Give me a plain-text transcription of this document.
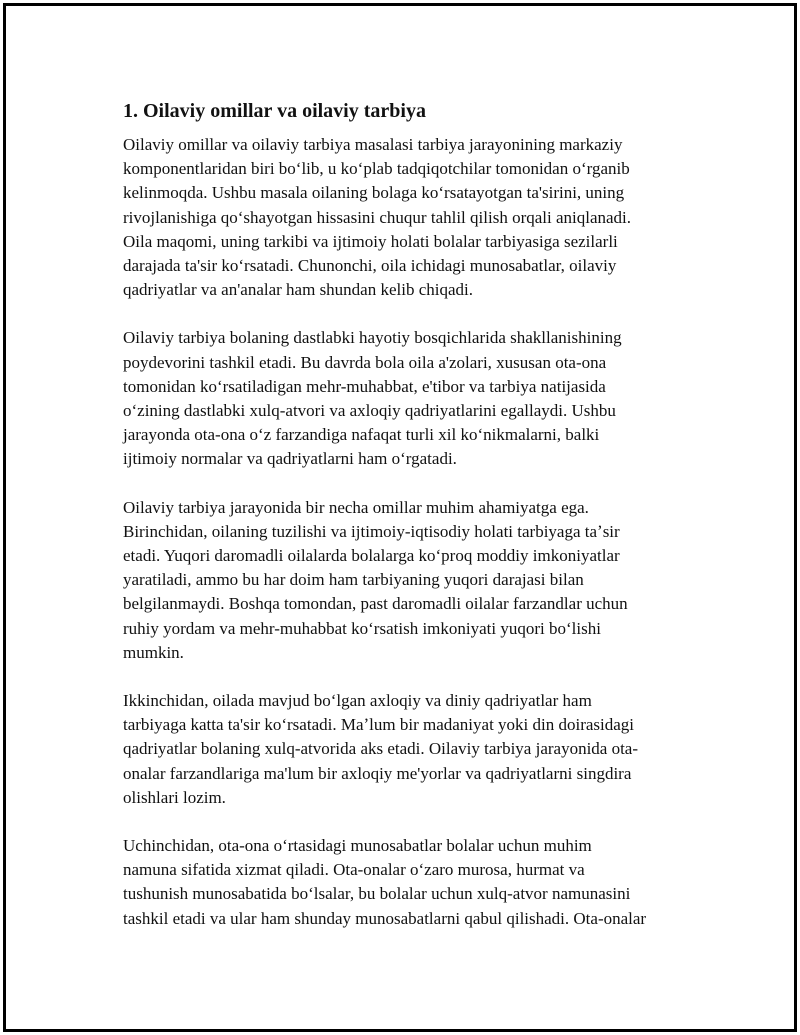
1. Oilaviy omillar va oilaviy tarbiya

Oilaviy omillar va oilaviy tarbiya masalasi tarbiya jarayonining markaziy
komponentlaridan biri boʻlib, u koʻplab tadqiqotchilar tomonidan oʻrganib
kelinmoqda. Ushbu masala oilaning bolaga koʻrsatayotgan ta'sirini, uning
rivojlanishiga qoʻshayotgan hissasini chuqur tahlil qilish orqali aniqlanadi.
Oila maqomi, uning tarkibi va ijtimoiy holati bolalar tarbiyasiga sezilarli
darajada ta'sir koʻrsatadi. Chunonchi, oila ichidagi munosabatlar, oilaviy
qadriyatlar va an'analar ham shundan kelib chiqadi.

Oilaviy tarbiya bolaning dastlabki hayotiy bosqichlarida shakllanishining
poydevorini tashkil etadi. Bu davrda bola oila a'zolari, xususan ota-ona
tomonidan koʻrsatiladigan mehr-muhabbat, e'tibor va tarbiya natijasida
oʻzining dastlabki xulq-atvori va axloqiy qadriyatlarini egallaydi. Ushbu
jarayonda ota-ona oʻz farzandiga nafaqat turli xil koʻnikmalarni, balki
ijtimoiy normalar va qadriyatlarni ham oʻrgatadi.

Oilaviy tarbiya jarayonida bir necha omillar muhim ahamiyatga ega.
Birinchidan, oilaning tuzilishi va ijtimoiy-iqtisodiy holati tarbiyaga taʼsir
etadi. Yuqori daromadli oilalarda bolalarga koʻproq moddiy imkoniyatlar
yaratiladi, ammo bu har doim ham tarbiyaning yuqori darajasi bilan
belgilanmaydi. Boshqa tomondan, past daromadli oilalar farzandlar uchun
ruhiy yordam va mehr-muhabbat koʻrsatish imkoniyati yuqori boʻlishi
mumkin.

Ikkinchidan, oilada mavjud boʻlgan axloqiy va diniy qadriyatlar ham
tarbiyaga katta ta'sir koʻrsatadi. Maʼlum bir madaniyat yoki din doirasidagi
qadriyatlar bolaning xulq-atvorida aks etadi. Oilaviy tarbiya jarayonida ota-
onalar farzandlariga ma'lum bir axloqiy me'yorlar va qadriyatlarni singdira
olishlari lozim.

Uchinchidan, ota-ona oʻrtasidagi munosabatlar bolalar uchun muhim
namuna sifatida xizmat qiladi. Ota-onalar oʻzaro murosa, hurmat va
tushunish munosabatida boʻlsalar, bu bolalar uchun xulq-atvor namunasini
tashkil etadi va ular ham shunday munosabatlarni qabul qilishadi. Ota-onalar
